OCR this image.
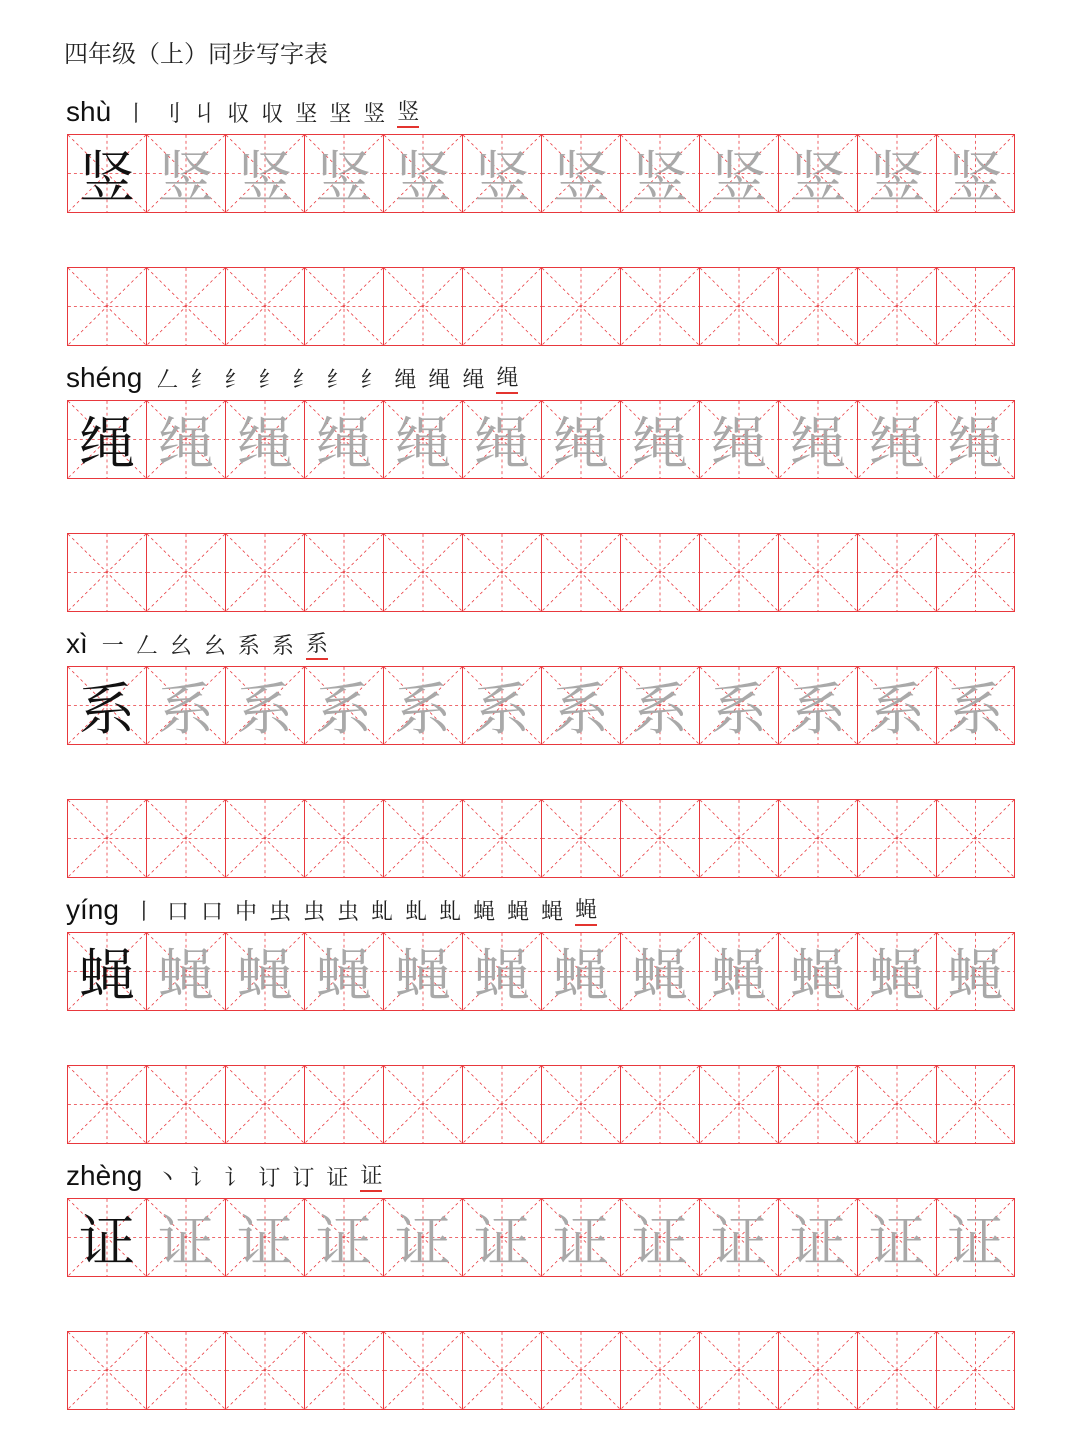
四年级（上）同步写字表
shù 丨 刂 丩 収 収 坚 坚 竖 竖
竖 竖 竖 竖 竖 竖 竖 竖 竖 竖 竖 竖
shéng 𠃋 纟 纟 纟 纟 纟 纟 绳 绳 绳 绳
绳 绳 绳 绳 绳 绳 绳 绳 绳 绳 绳 绳
xì 一 𠃋 幺 幺 系 系 系
系 系 系 系 系 系 系 系 系 系 系 系
yíng 丨 口 口 中 虫 虫 虫 虬 虬 虬 蝇 蝇 蝇 蝇
蝇 蝇 蝇 蝇 蝇 蝇 蝇 蝇 蝇 蝇 蝇 蝇
zhèng 丶 讠 讠 订 订 证 证
证 证 证 证 证 证 证 证 证 证 证 证
